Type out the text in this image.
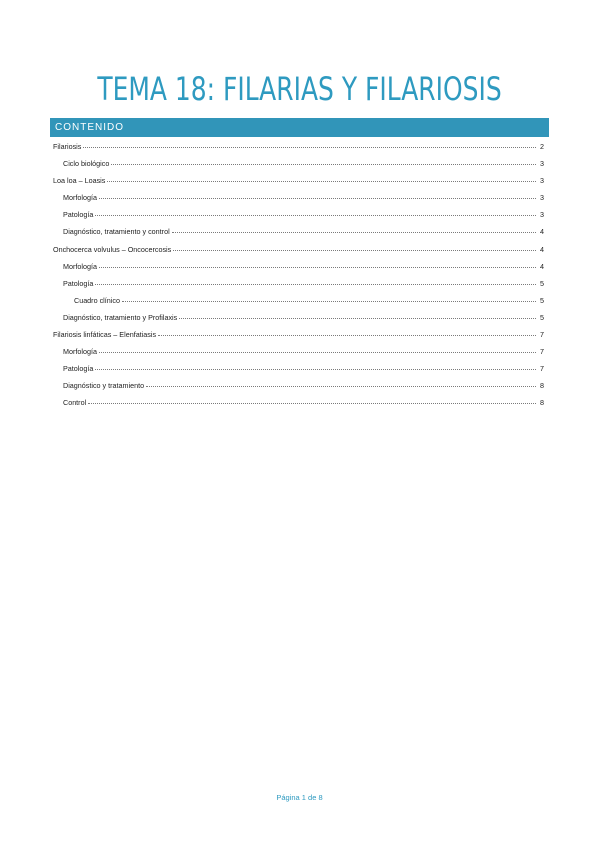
TEMA 18: FILARIAS Y FILARIOSIS
CONTENIDO
Filariosis	2
Ciclo biológico	3
Loa loa – Loasis	3
Morfología	3
Patología	3
Diagnóstico, tratamiento y control	4
Onchocerca volvulus – Oncocercosis	4
Morfología	4
Patología	5
Cuadro clínico	5
Diagnóstico, tratamiento y Profilaxis	5
Filariosis linfáticas – Elenfatiasis	7
Morfología	7
Patología	7
Diagnóstico y tratamiento	8
Control	8
Página 1 de 8
